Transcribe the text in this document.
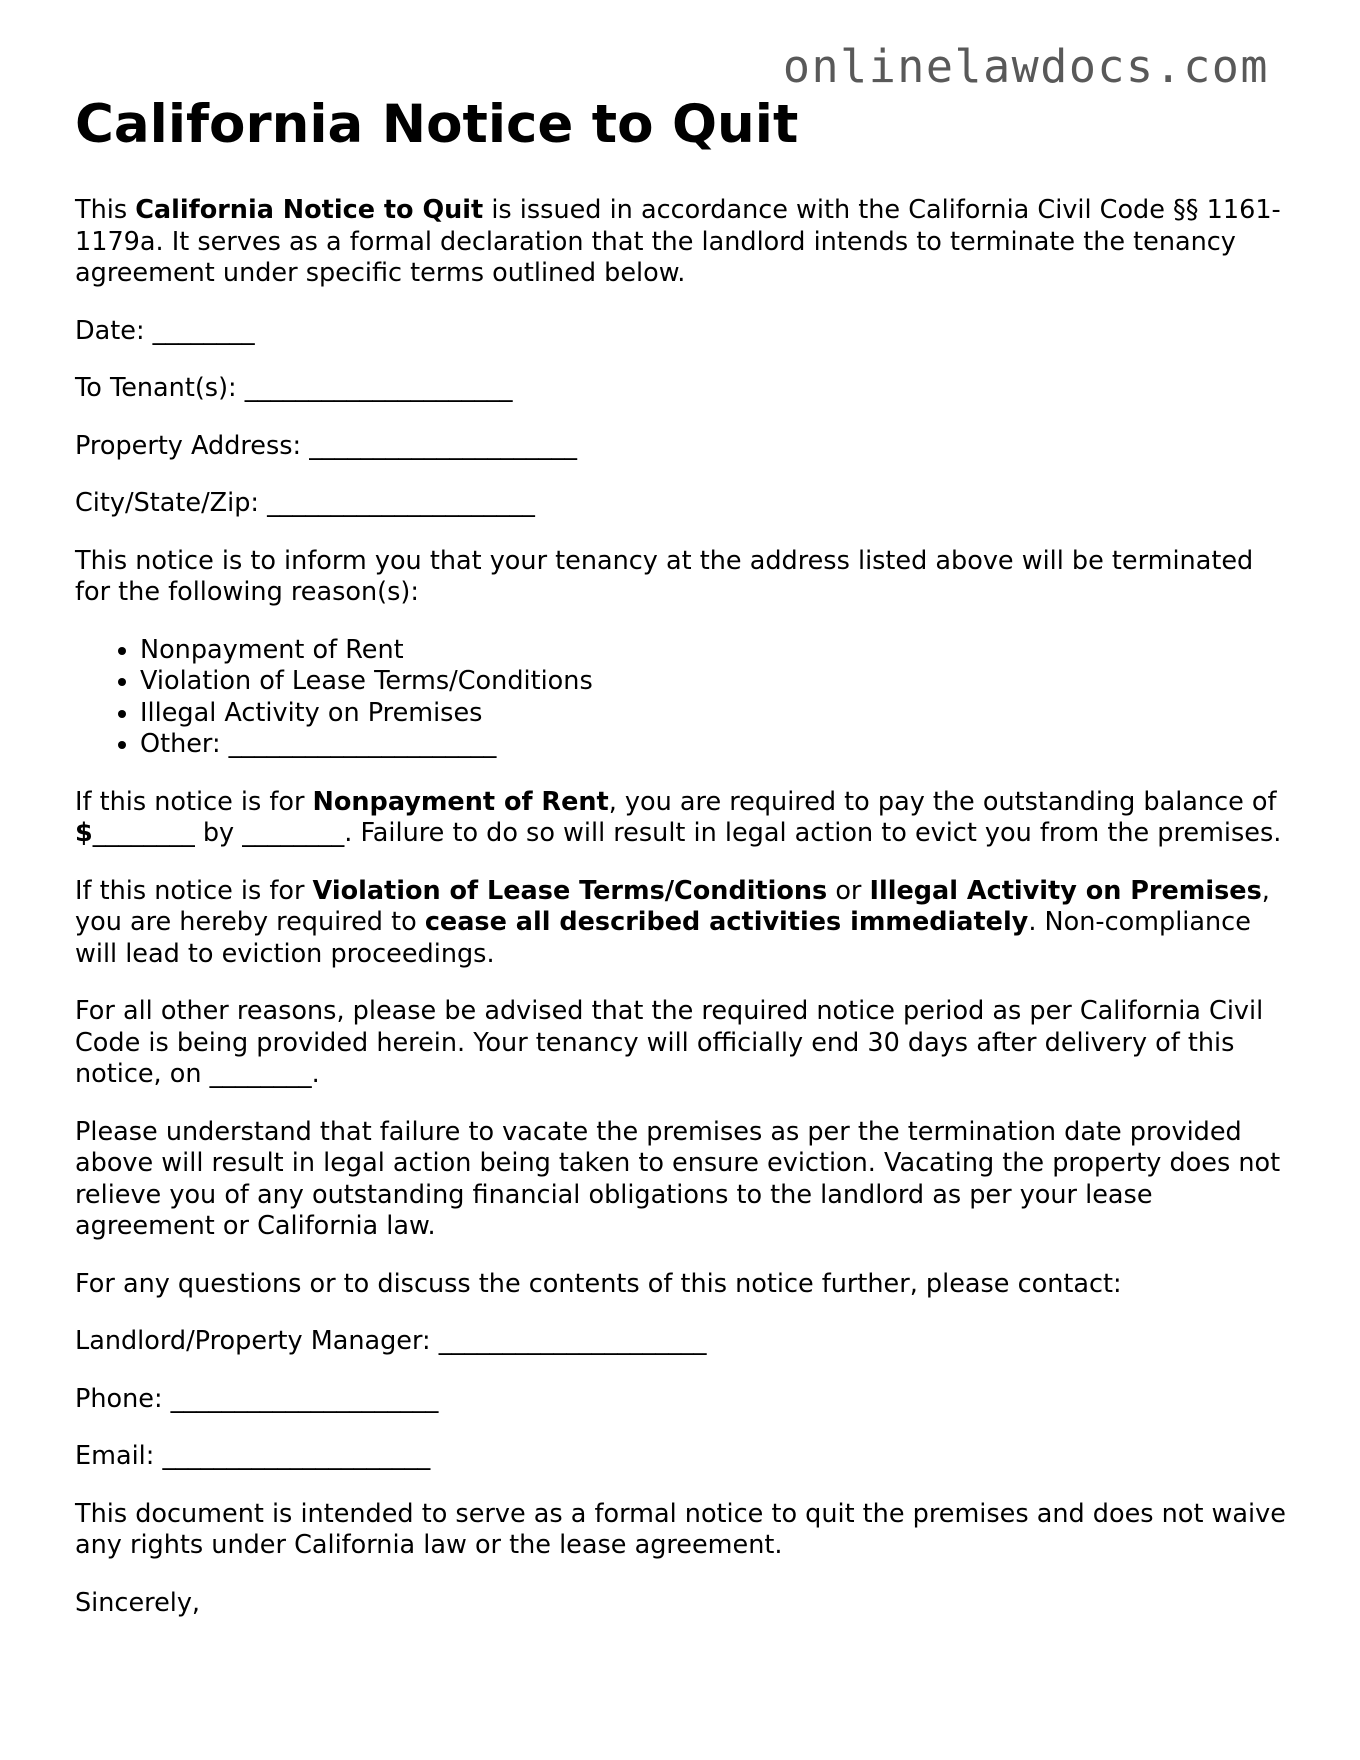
onlinelawdocs.com
California Notice to Quit

This California Notice to Quit is issued in accordance with the California Civil Code §§ 1161-1179a. It serves as a formal declaration that the landlord intends to terminate the tenancy agreement under specific terms outlined below.

Date: ________

To Tenant(s): _____________________

Property Address: _____________________

City/State/Zip: _____________________

This notice is to inform you that your tenancy at the address listed above will be terminated for the following reason(s):

• Nonpayment of Rent
• Violation of Lease Terms/Conditions
• Illegal Activity on Premises
• Other: _____________________

If this notice is for Nonpayment of Rent, you are required to pay the outstanding balance of $________ by ________. Failure to do so will result in legal action to evict you from the premises.

If this notice is for Violation of Lease Terms/Conditions or Illegal Activity on Premises, you are hereby required to cease all described activities immediately. Non-compliance will lead to eviction proceedings.

For all other reasons, please be advised that the required notice period as per California Civil Code is being provided herein. Your tenancy will officially end 30 days after delivery of this notice, on ________.

Please understand that failure to vacate the premises as per the termination date provided above will result in legal action being taken to ensure eviction. Vacating the property does not relieve you of any outstanding financial obligations to the landlord as per your lease agreement or California law.

For any questions or to discuss the contents of this notice further, please contact:

Landlord/Property Manager: _____________________

Phone: _____________________

Email: _____________________

This document is intended to serve as a formal notice to quit the premises and does not waive any rights under California law or the lease agreement.

Sincerely,
